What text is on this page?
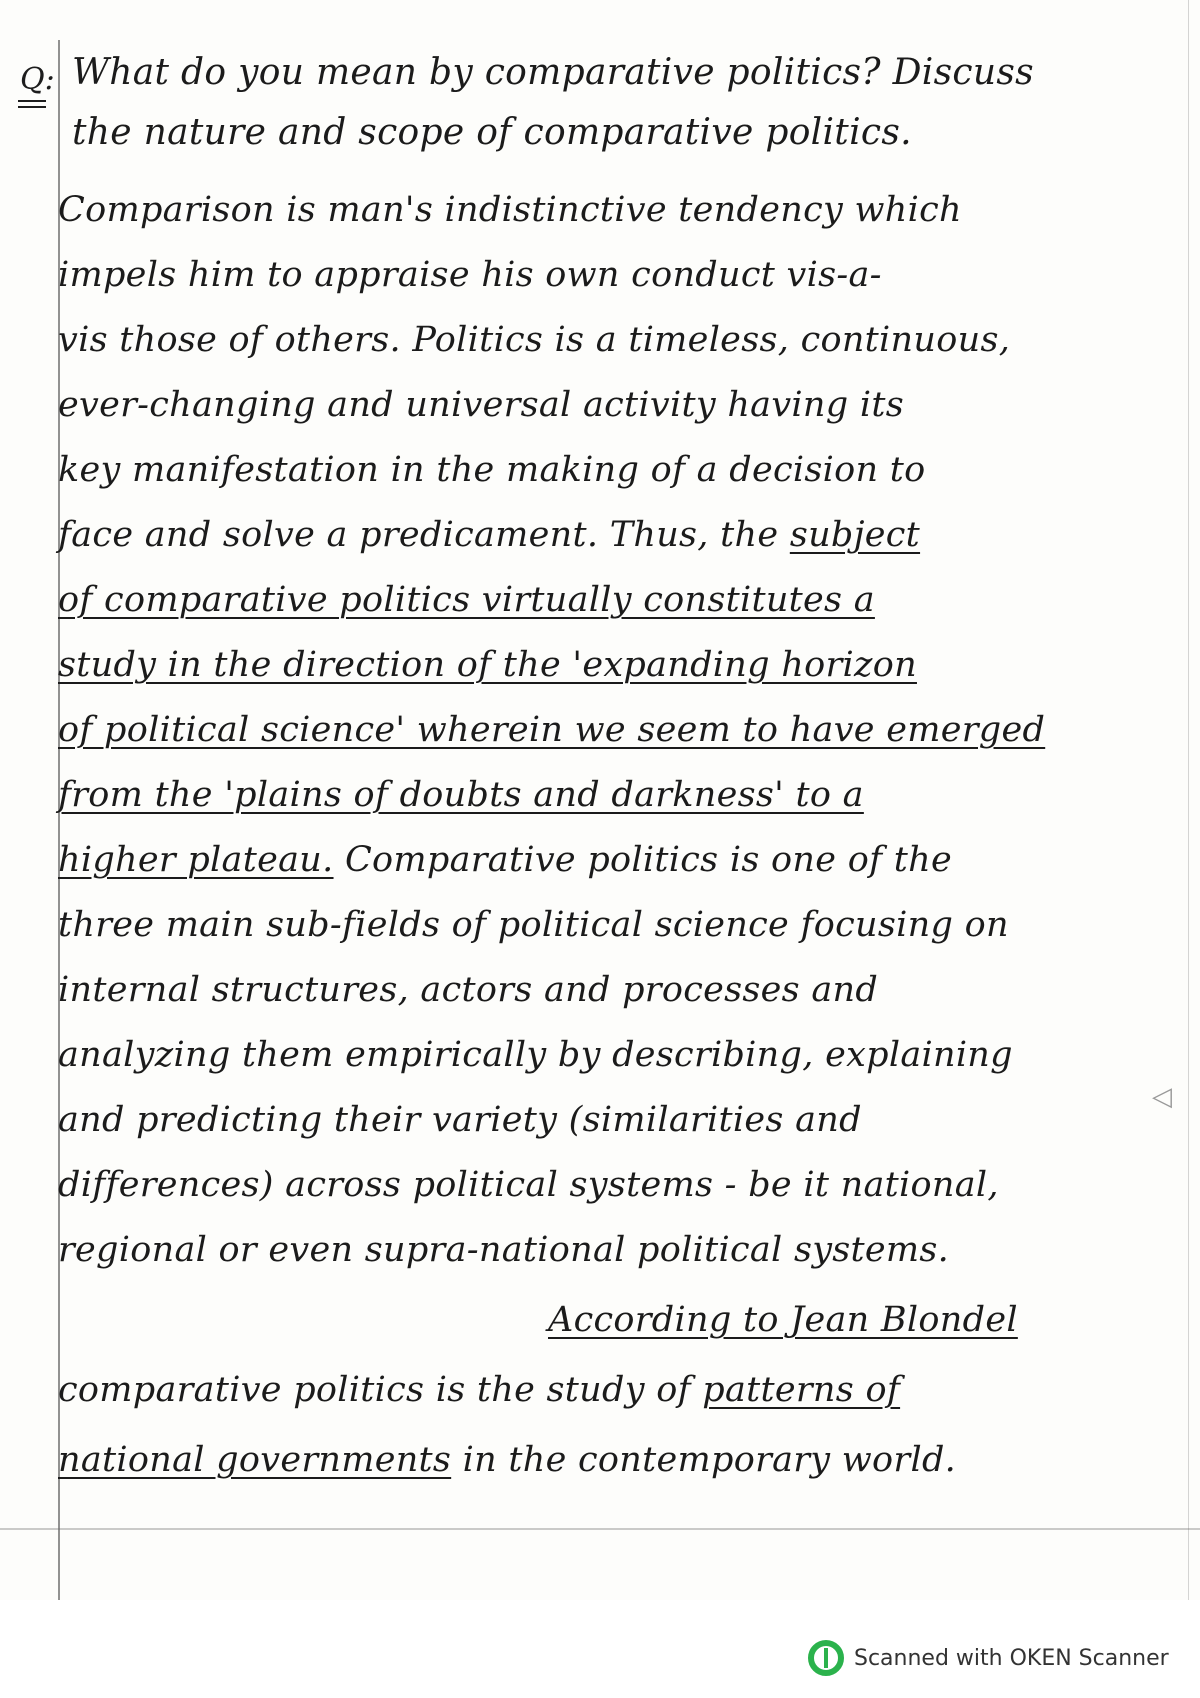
Q: What do you mean by comparative politics? Discuss
the nature and scope of comparative politics.
Comparison is man's indistinctive tendency which
impels him to appraise his own conduct vis-a-
vis those of others. Politics is a timeless, continuous,
ever-changing and universal activity having its
key manifestation in the making of a decision to
face and solve a predicament. Thus, the subject
of comparative politics virtually constitutes a
study in the direction of the 'expanding horizon
of political science' wherein we seem to have emerged
from the 'plains of doubts and darkness' to a
higher plateau. Comparative politics is one of the
three main sub-fields of political science focusing on
internal structures, actors and processes and
analyzing them empirically by describing, explaining
and predicting their variety (similarities and
differences) across political systems - be it national,
regional or even supra-national political systems.
According to Jean Blondel
comparative politics is the study of patterns of
national governments in the contemporary world.
◁
Scanned with OKEN Scanner
